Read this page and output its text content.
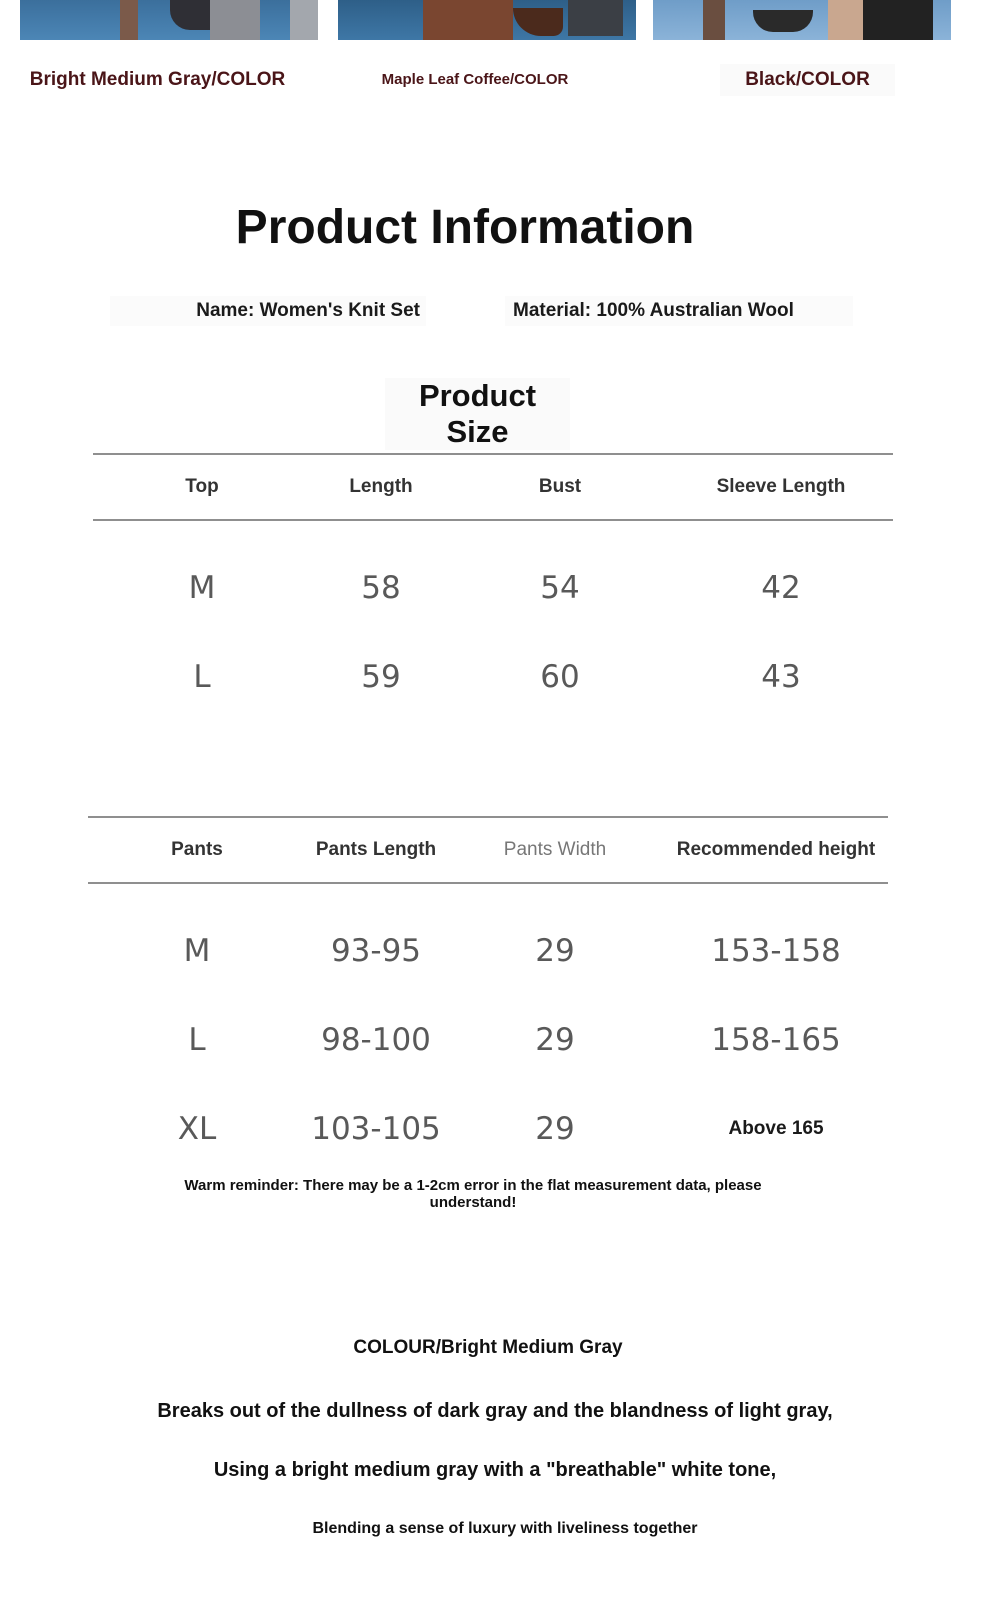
Bright Medium Gray/COLOR	Maple Leaf Coffee/COLOR	Black/COLOR
Product Information
Name: Women's Knit Set	Material: 100% Australian Wool
Product Size
Top	Length	Bust	Sleeve Length
M	58	54	42
L	59	60	43
Pants	Pants Length	Pants Width	Recommended height
M	93-95	29	153-158
L	98-100	29	158-165
XL	103-105	29	Above 165
Warm reminder: There may be a 1-2cm error in the flat measurement data, please understand!
COLOUR/Bright Medium Gray
Breaks out of the dullness of dark gray and the blandness of light gray,
Using a bright medium gray with a "breathable" white tone,
Blending a sense of luxury with liveliness together
